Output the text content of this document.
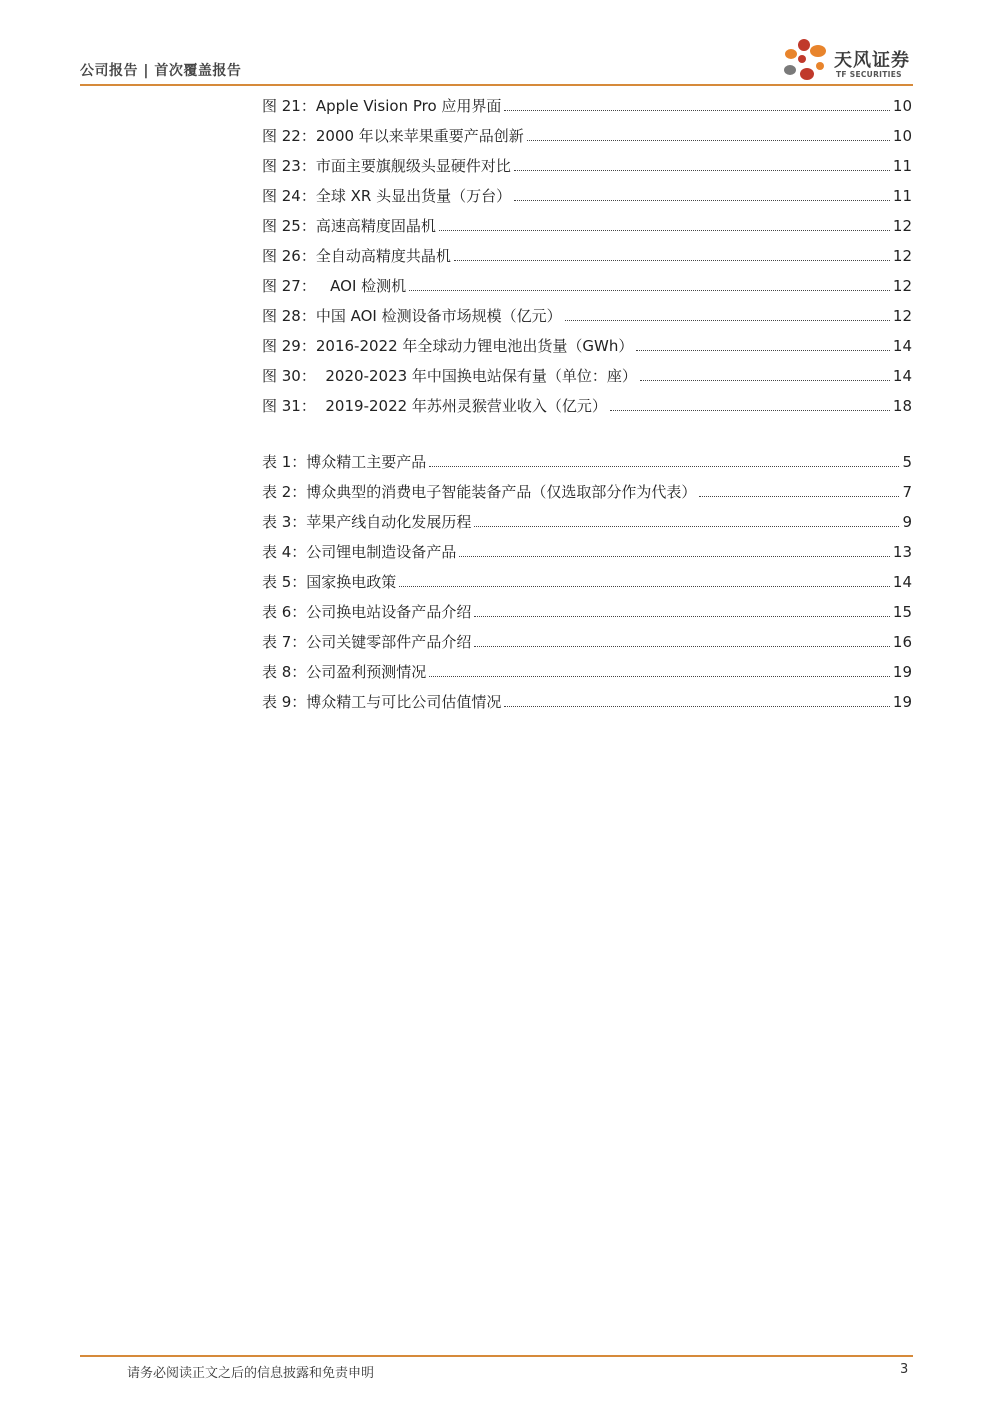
公司报告 | 首次覆盖报告	天风证券
TF SECURITIES
图 21：Apple Vision Pro 应用界面	10
图 22：2000 年以来苹果重要产品创新	10
图 23：市面主要旗舰级头显硬件对比	11
图 24：全球 XR 头显出货量（万台）	11
图 25：高速高精度固晶机	12
图 26：全自动高精度共晶机	12
图 27：   AOI 检测机	12
图 28：中国 AOI 检测设备市场规模（亿元）	12
图 29：2016-2022 年全球动力锂电池出货量（GWh）	14
图 30：  2020-2023 年中国换电站保有量（单位：座）	14
图 31：  2019-2022 年苏州灵猴营业收入（亿元）	18
表 1：博众精工主要产品	5
表 2：博众典型的消费电子智能装备产品（仅选取部分作为代表）	7
表 3：苹果产线自动化发展历程	9
表 4：公司锂电制造设备产品	13
表 5：国家换电政策	14
表 6：公司换电站设备产品介绍	15
表 7：公司关键零部件产品介绍	16
表 8：公司盈利预测情况	19
表 9：博众精工与可比公司估值情况	19
请务必阅读正文之后的信息披露和免责申明	3
